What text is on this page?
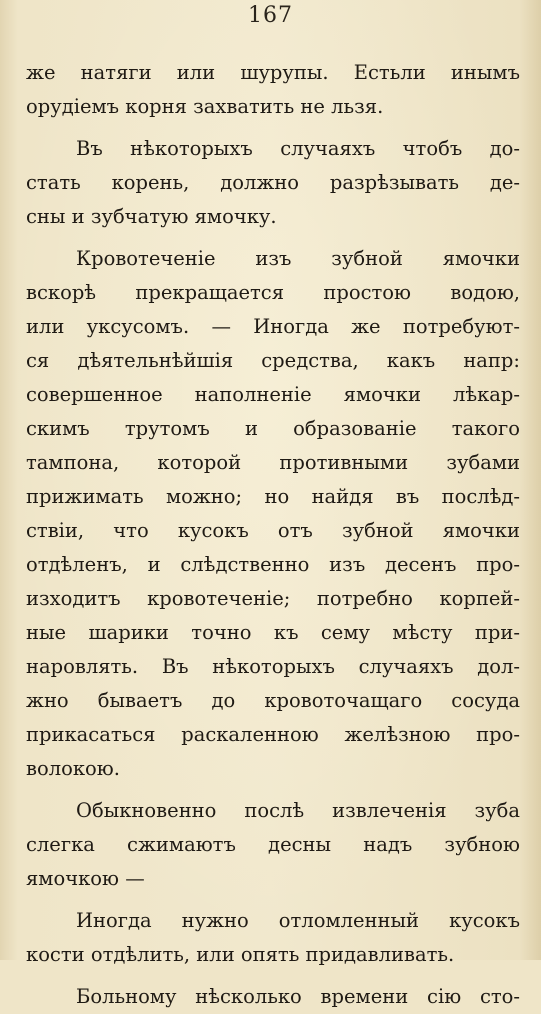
167
же натяги или шурупы. Естьли инымъ
орудіемъ корня захватить не льзя.
Въ нѣкоторыхъ случаяхъ чтобъ до-
стать корень, должно разрѣзывать де-
сны и зубчатую ямочку.
Кровотеченіе изъ зубной ямочки
вскорѣ прекращается простою водою,
или уксусомъ. — Иногда же потребуют-
ся дѣятельнѣйшія средства, какъ напр:
совершенное наполненіе ямочки лѣкар-
скимъ трутомъ и образованіе такого
тампона, которой противными зубами
прижимать можно; но найдя въ послѣд-
ствіи, что кусокъ отъ зубной ямочки
отдѣленъ, и слѣдственно изъ десенъ про-
изходитъ кровотеченіе; потребно корпей-
ные шарики точно къ сему мѣсту при-
наровлять. Въ нѣкоторыхъ случаяхъ дол-
жно бываетъ до кровоточащаго сосуда
прикасаться раскаленною желѣзною про-
волокою.
Обыкновенно послѣ извлеченія зуба
слегка сжимаютъ десны надъ зубною
ямочкою —
Иногда нужно отломленный кусокъ
кости отдѣлить, или опять придавливать.
Больному нѣсколько времени сію сто-
